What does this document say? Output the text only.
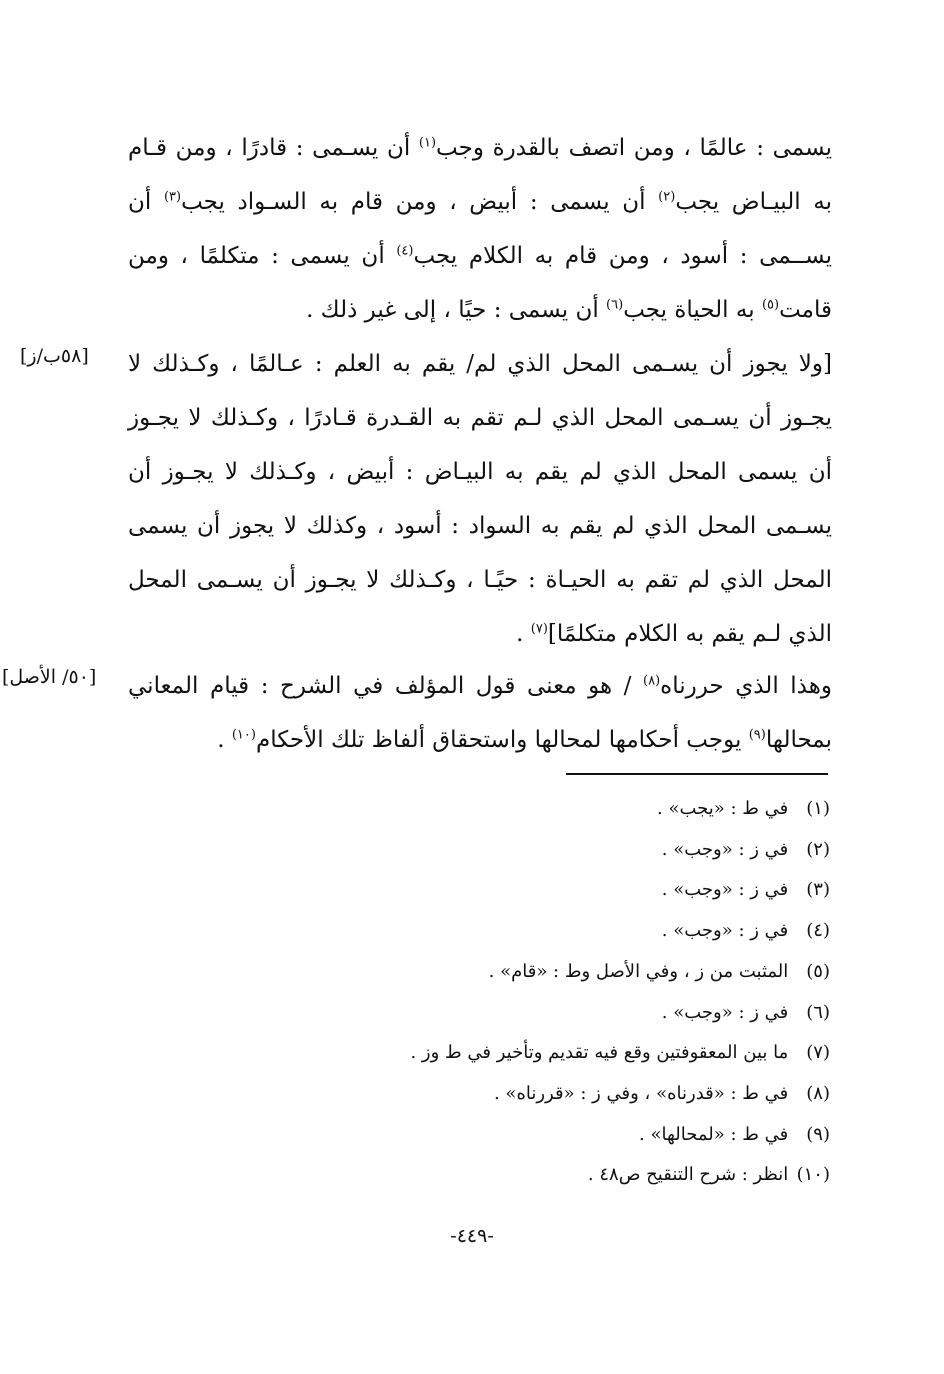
يسمى : عالمًا ، ومن اتصف بالقدرة وجب$^{(١)}$ أن يسـمى : قادرًا ، ومن قـام به البيـاض يجب$^{(٢)}$ أن يسمى : أبيض ، ومن قام به السـواد يجب$^{(٣)}$ أن يســمى : أسود ، ومن قام به الكلام يجب$^{(٤)}$ أن يسمى : متكلمًا ، ومن قامت$^{(٥)}$ به الحياة يجب$^{(٦)}$ أن يسمى : حيًا ، إلى غير ذلك .

[ولا يجوز أن يسـمى المحل الذي لم/ يقم به العلم : عـالمًا ، وكـذلك لا يجـوز أن يسـمى المحل الذي لـم تقم به القـدرة قـادرًا ، وكـذلك لا يجـوز أن يسمى المحل الذي لم يقم به البيـاض : أبيض ، وكـذلك لا يجـوز أن يسـمى المحل الذي لم يقم به السواد : أسود ، وكذلك لا يجوز أن يسمى المحل الذي لم تقم به الحيـاة : حيًـا ، وكـذلك لا يجـوز أن يسـمى المحل الذي لـم يقم به الكلام متكلمًا]$^{(٧)}$ .

وهذا الذي حررناه$^{(٨)}$ / هو معنى قول المؤلف في الشرح : قيام المعاني بمحالها$^{(٩)}$ يوجب أحكامها لمحالها واستحقاق ألفاظ تلك الأحكام$^{(١٠)}$ .

[٥٨ب/ز]
[٥٠/ الأصل]
(١) في ط : «يجب» .
(٢) في ز : «وجب» .
(٣) في ز : «وجب» .
(٤) في ز : «وجب» .
(٥) المثبت من ز ، وفي الأصل وط : «قام» .
(٦) في ز : «وجب» .
(٧) ما بين المعقوفتين وقع فيه تقديم وتأخير في ط وز .
(٨) في ط : «قدرناه» ، وفي ز : «قررناه» .
(٩) في ط : «لمحالها» .
(١٠) انظر : شرح التنقيح ص٤٨ .
-٤٤٩-
